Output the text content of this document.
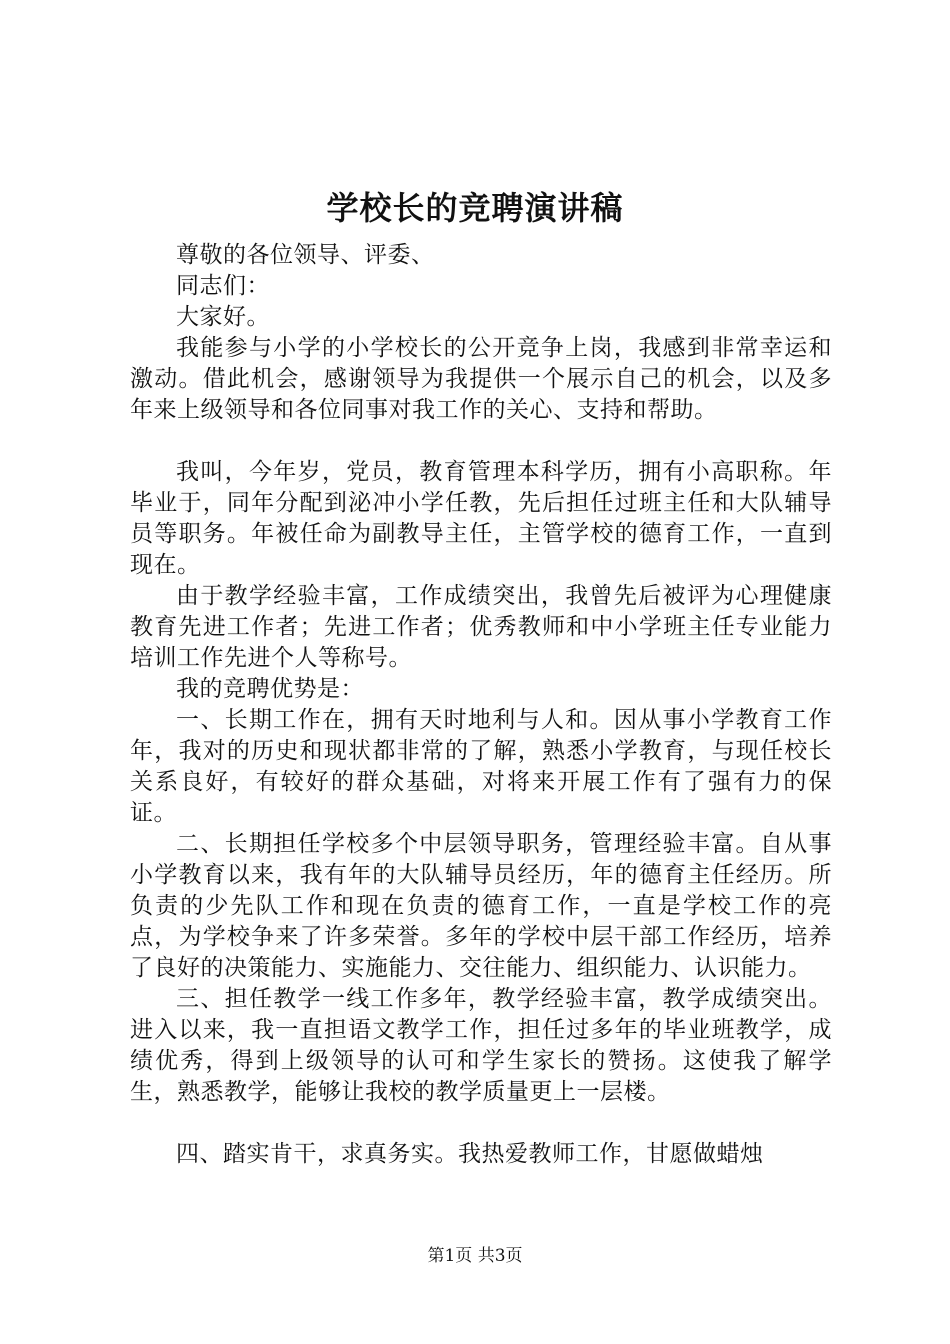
学校长的竞聘演讲稿

尊敬的各位领导、评委、

同志们：

大家好。

我能参与小学的小学校长的公开竞争上岗，我感到非常幸运和激动。借此机会，感谢领导为我提供一个展示自己的机会，以及多年来上级领导和各位同事对我工作的关心、支持和帮助。

我叫，今年岁，党员，教育管理本科学历，拥有小高职称。年毕业于，同年分配到泌冲小学任教，先后担任过班主任和大队辅导员等职务。年被任命为副教导主任，主管学校的德育工作，一直到现在。

由于教学经验丰富，工作成绩突出，我曾先后被评为心理健康教育先进工作者；先进工作者；优秀教师和中小学班主任专业能力培训工作先进个人等称号。

我的竞聘优势是：

一、长期工作在，拥有天时地利与人和。因从事小学教育工作年，我对的历史和现状都非常的了解，熟悉小学教育，与现任校长关系良好，有较好的群众基础，对将来开展工作有了强有力的保证。

二、长期担任学校多个中层领导职务，管理经验丰富。自从事小学教育以来，我有年的大队辅导员经历，年的德育主任经历。所负责的少先队工作和现在负责的德育工作，一直是学校工作的亮点，为学校争来了许多荣誉。多年的学校中层干部工作经历，培养了良好的决策能力、实施能力、交往能力、组织能力、认识能力。

三、担任教学一线工作多年，教学经验丰富，教学成绩突出。进入以来，我一直担语文教学工作，担任过多年的毕业班教学，成绩优秀，得到上级领导的认可和学生家长的赞扬。这使我了解学生，熟悉教学，能够让我校的教学质量更上一层楼。

四、踏实肯干，求真务实。我热爱教师工作，甘愿做蜡烛

第1页 共3页
